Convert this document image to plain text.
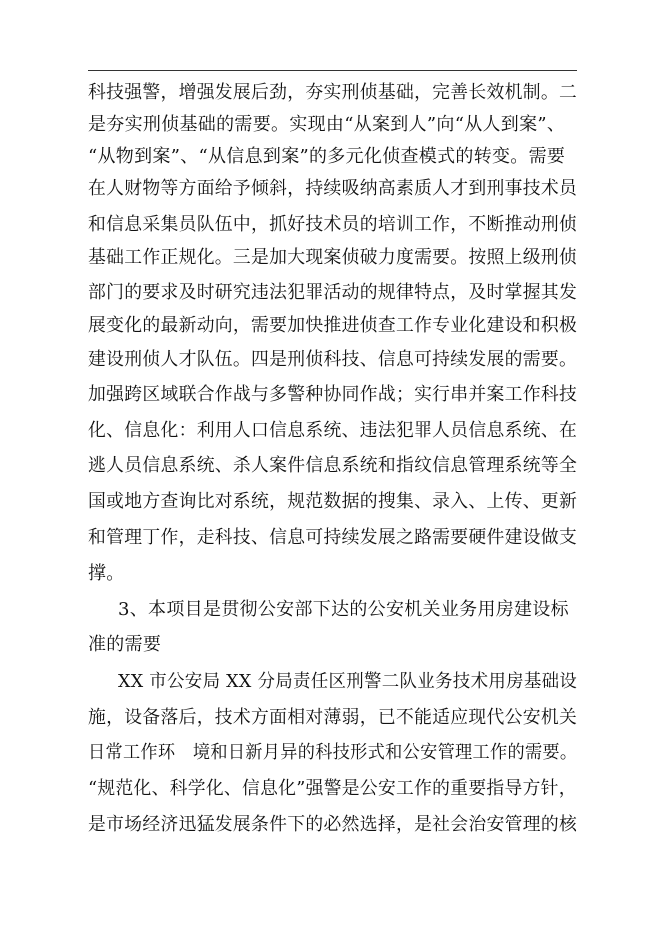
科技强警，增强发展后劲，夯实刑侦基础，完善长效机制。二
是夯实刑侦基础的需要。实现由“从案到人”向“从人到案”、
“从物到案”、“从信息到案”的多元化侦查模式的转变。需要
在人财物等方面给予倾斜，持续吸纳高素质人才到刑事技术员
和信息采集员队伍中，抓好技术员的培训工作，不断推动刑侦
基础工作正规化。三是加大现案侦破力度需要。按照上级刑侦
部门的要求及时研究违法犯罪活动的规律特点，及时掌握其发
展变化的最新动向，需要加快推进侦查工作专业化建设和积极
建设刑侦人才队伍。四是刑侦科技、信息可持续发展的需要。
加强跨区域联合作战与多警种协同作战；实行串并案工作科技
化、信息化：利用人口信息系统、违法犯罪人员信息系统、在
逃人员信息系统、杀人案件信息系统和指纹信息管理系统等全
国或地方查询比对系统，规范数据的搜集、录入、上传、更新
和管理丁作，走科技、信息可持续发展之路需要硬件建设做支
撑。
3、本项目是贯彻公安部下达的公安机关业务用房建设标
准的需要
XX 市公安局 XX 分局责任区刑警二队业务技术用房基础设
施，设备落后，技术方面相对薄弱，已不能适应现代公安机关
日常工作环　境和日新月异的科技形式和公安管理工作的需要。
“规范化、科学化、信息化”强警是公安工作的重要指导方针，
是市场经济迅猛发展条件下的必然选择，是社会治安管理的核
